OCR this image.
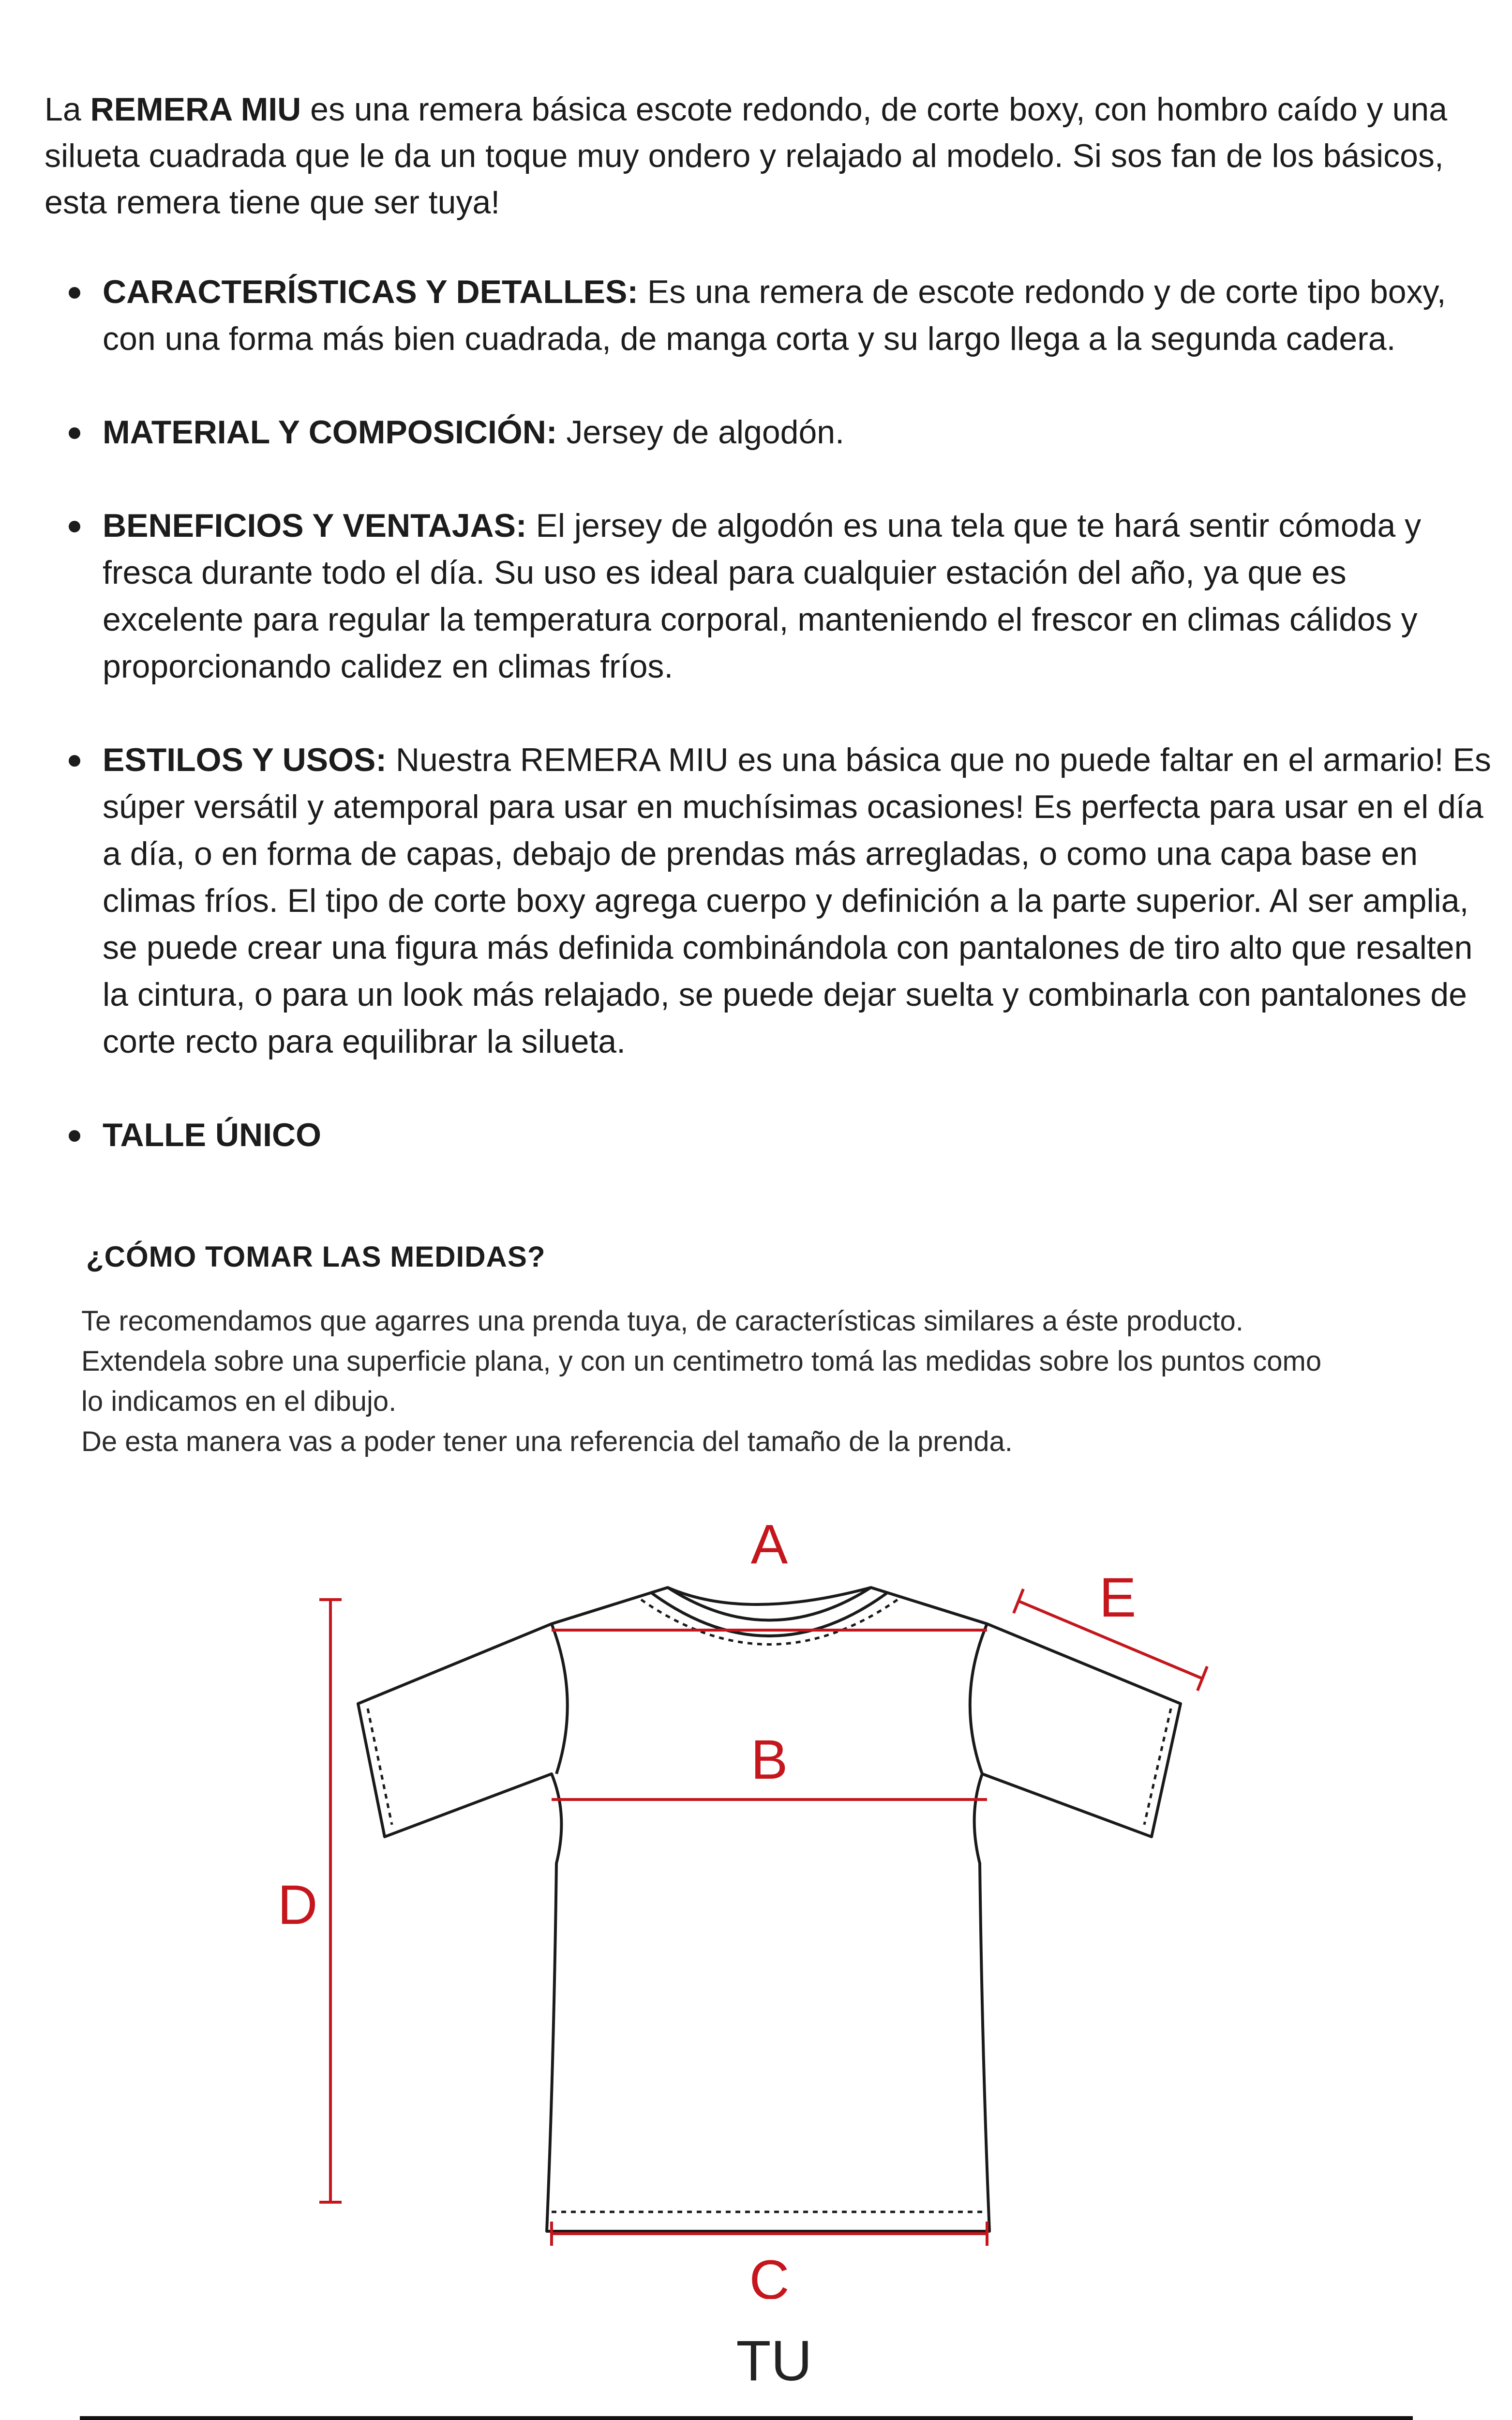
La REMERA MIU es una remera básica escote redondo, de corte boxy, con hombro caído y una silueta cuadrada que le da un toque muy ondero y relajado al modelo. Si sos fan de los básicos, esta remera tiene que ser tuya!

CARACTERÍSTICAS Y DETALLES: Es una remera de escote redondo y de corte tipo boxy, con una forma más bien cuadrada, de manga corta y su largo llega a la segunda cadera.
MATERIAL Y COMPOSICIÓN: Jersey de algodón.
BENEFICIOS Y VENTAJAS: El jersey de algodón es una tela que te hará sentir cómoda y fresca durante todo el día. Su uso es ideal para cualquier estación del año, ya que es excelente para regular la temperatura corporal, manteniendo el frescor en climas cálidos y proporcionando calidez en climas fríos.
ESTILOS Y USOS: Nuestra REMERA MIU es una básica que no puede faltar en el armario! Es súper versátil y atemporal para usar en muchísimas ocasiones! Es perfecta para usar en el día a día, o en forma de capas, debajo de prendas más arregladas, o como una capa base en climas fríos. El tipo de corte boxy agrega cuerpo y definición a la parte superior. Al ser amplia, se puede crear una figura más definida combinándola con pantalones de tiro alto que resalten la cintura, o para un look más relajado, se puede dejar suelta y combinarla con pantalones de corte recto para equilibrar la silueta.
TALLE ÚNICO
¿CÓMO TOMAR LAS MEDIDAS?
Te recomendamos que agarres una prenda tuya, de características similares a éste producto.
Extendela sobre una superficie plana, y con un centimetro tomá las medidas sobre los puntos como
lo indicamos en el dibujo.
De esta manera vas a poder tener una referencia del tamaño de la prenda.
A
B
C
D
E
TU
